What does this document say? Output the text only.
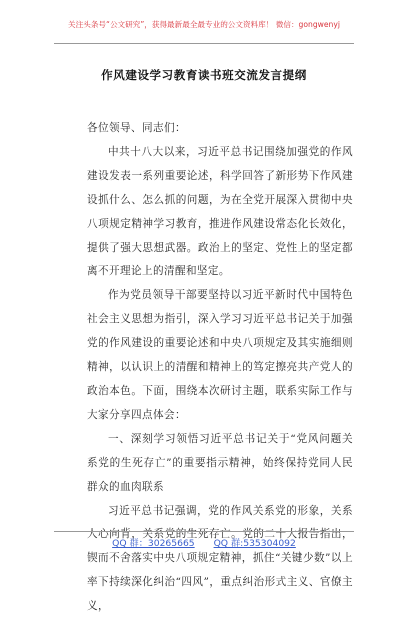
关注头条号“公文研究”，获得最新最全最专业的公文资料库！ 微信：gongwenyj
作风建设学习教育读书班交流发言提纲

各位领导、同志们：

中共十八大以来，习近平总书记围绕加强党的作风建设发表一系列重要论述，科学回答了新形势下作风建设抓什么、怎么抓的问题，为在全党开展深入贯彻中央八项规定精神学习教育，推进作风建设常态化长效化，提供了强大思想武器。政治上的坚定、党性上的坚定都离不开理论上的清醒和坚定。

作为党员领导干部要坚持以习近平新时代中国特色社会主义思想为指引，深入学习习近平总书记关于加强党的作风建设的重要论述和中央八项规定及其实施细则精神，以认识上的清醒和精神上的笃定擦亮共产党人的政治本色。下面，围绕本次研讨主题，联系实际工作与大家分享四点体会：

一、深刻学习领悟习近平总书记关于“党风问题关系党的生死存亡”的重要指示精神，始终保持党同人民群众的血肉联系

习近平总书记强调，党的作风关系党的形象，关系人心向背，关系党的生死存亡。党的二十大报告指出，锲而不舍落实中央八项规定精神，抓住“关键少数”以上率下持续深化纠治“四风”，重点纠治形式主义、官僚主义，

QQ 群：30265665 QQ 群:535304092
